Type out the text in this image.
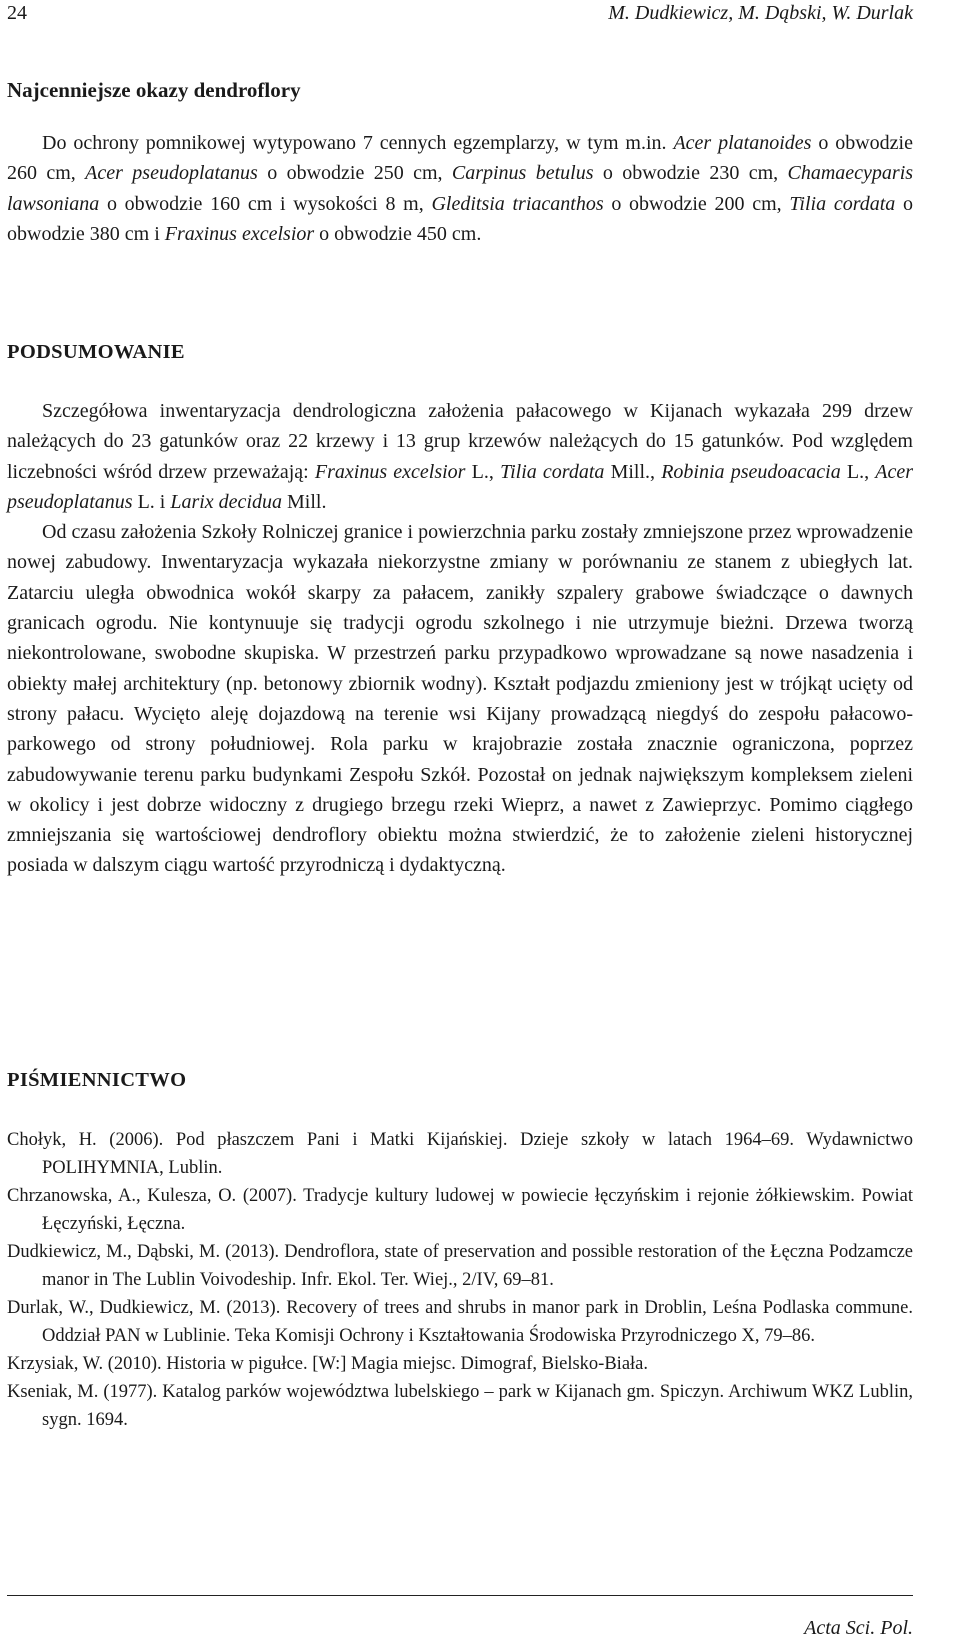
24	M. Dudkiewicz, M. Dąbski, W. Durlak
Najcenniejsze okazy dendroflory

Do ochrony pomnikowej wytypowano 7 cennych egzemplarzy, w tym m.in. Acer platanoides o obwodzie 260 cm, Acer pseudoplatanus o obwodzie 250 cm, Carpinus betulus o obwodzie 230 cm, Chamaecyparis lawsoniana o obwodzie 160 cm i wysokości 8 m, Gleditsia triacanthos o obwodzie 200 cm, Tilia cordata o obwodzie 380 cm i Fraxinus excelsior o obwodzie 450 cm.

PODSUMOWANIE

Szczegółowa inwentaryzacja dendrologiczna założenia pałacowego w Kijanach wykazała 299 drzew należących do 23 gatunków oraz 22 krzewy i 13 grup krzewów należących do 15 gatunków. Pod względem liczebności wśród drzew przeważają: Fraxinus excelsior L., Tilia cordata Mill., Robinia pseudoacacia L., Acer pseudoplatanus L. i Larix decidua Mill.

Od czasu założenia Szkoły Rolniczej granice i powierzchnia parku zostały zmniejszone przez wprowadzenie nowej zabudowy. Inwentaryzacja wykazała niekorzystne zmiany w porównaniu ze stanem z ubiegłych lat. Zatarciu uległa obwodnica wokół skarpy za pałacem, zanikły szpalery grabowe świadczące o dawnych granicach ogrodu. Nie kontynuuje się tradycji ogrodu szkolnego i nie utrzymuje bieżni. Drzewa tworzą niekontrolowane, swobodne skupiska. W przestrzeń parku przypadkowo wprowadzane są nowe nasadzenia i obiekty małej architektury (np. betonowy zbiornik wodny). Kształt podjazdu zmieniony jest w trójkąt ucięty od strony pałacu. Wycięto aleję dojazdową na terenie wsi Kijany prowadzącą niegdyś do zespołu pałacowo-parkowego od strony południowej. Rola parku w krajobrazie została znacznie ograniczona, poprzez zabudowywanie terenu parku budynkami Zespołu Szkół. Pozostał on jednak największym kompleksem zieleni w okolicy i jest dobrze widoczny z drugiego brzegu rzeki Wieprz, a nawet z Zawieprzyc. Pomimo ciągłego zmniejszania się wartościowej dendroflory obiektu można stwierdzić, że to założenie zieleni historycznej posiada w dalszym ciągu wartość przyrodniczą i dydaktyczną.

PIŚMIENNICTWO

Chołyk, H. (2006). Pod płaszczem Pani i Matki Kijańskiej. Dzieje szkoły w latach 1964–69. Wydawnictwo POLIHYMNIA, Lublin.

Chrzanowska, A., Kulesza, O. (2007). Tradycje kultury ludowej w powiecie łęczyńskim i rejonie żółkiewskim. Powiat Łęczyński, Łęczna.

Dudkiewicz, M., Dąbski, M. (2013). Dendroflora, state of preservation and possible restoration of the Łęczna Podzamcze manor in The Lublin Voivodeship. Infr. Ekol. Ter. Wiej., 2/IV, 69–81.

Durlak, W., Dudkiewicz, M. (2013). Recovery of trees and shrubs in manor park in Droblin, Leśna Podlaska commune. Oddział PAN w Lublinie. Teka Komisji Ochrony i Kształtowania Środowiska Przyrodniczego X, 79–86.

Krzysiak, W. (2010). Historia w pigułce. [W:] Magia miejsc. Dimograf, Bielsko-Biała.

Kseniak, M. (1977). Katalog parków województwa lubelskiego – park w Kijanach gm. Spiczyn. Archiwum WKZ Lublin, sygn. 1694.

Acta Sci. Pol.
